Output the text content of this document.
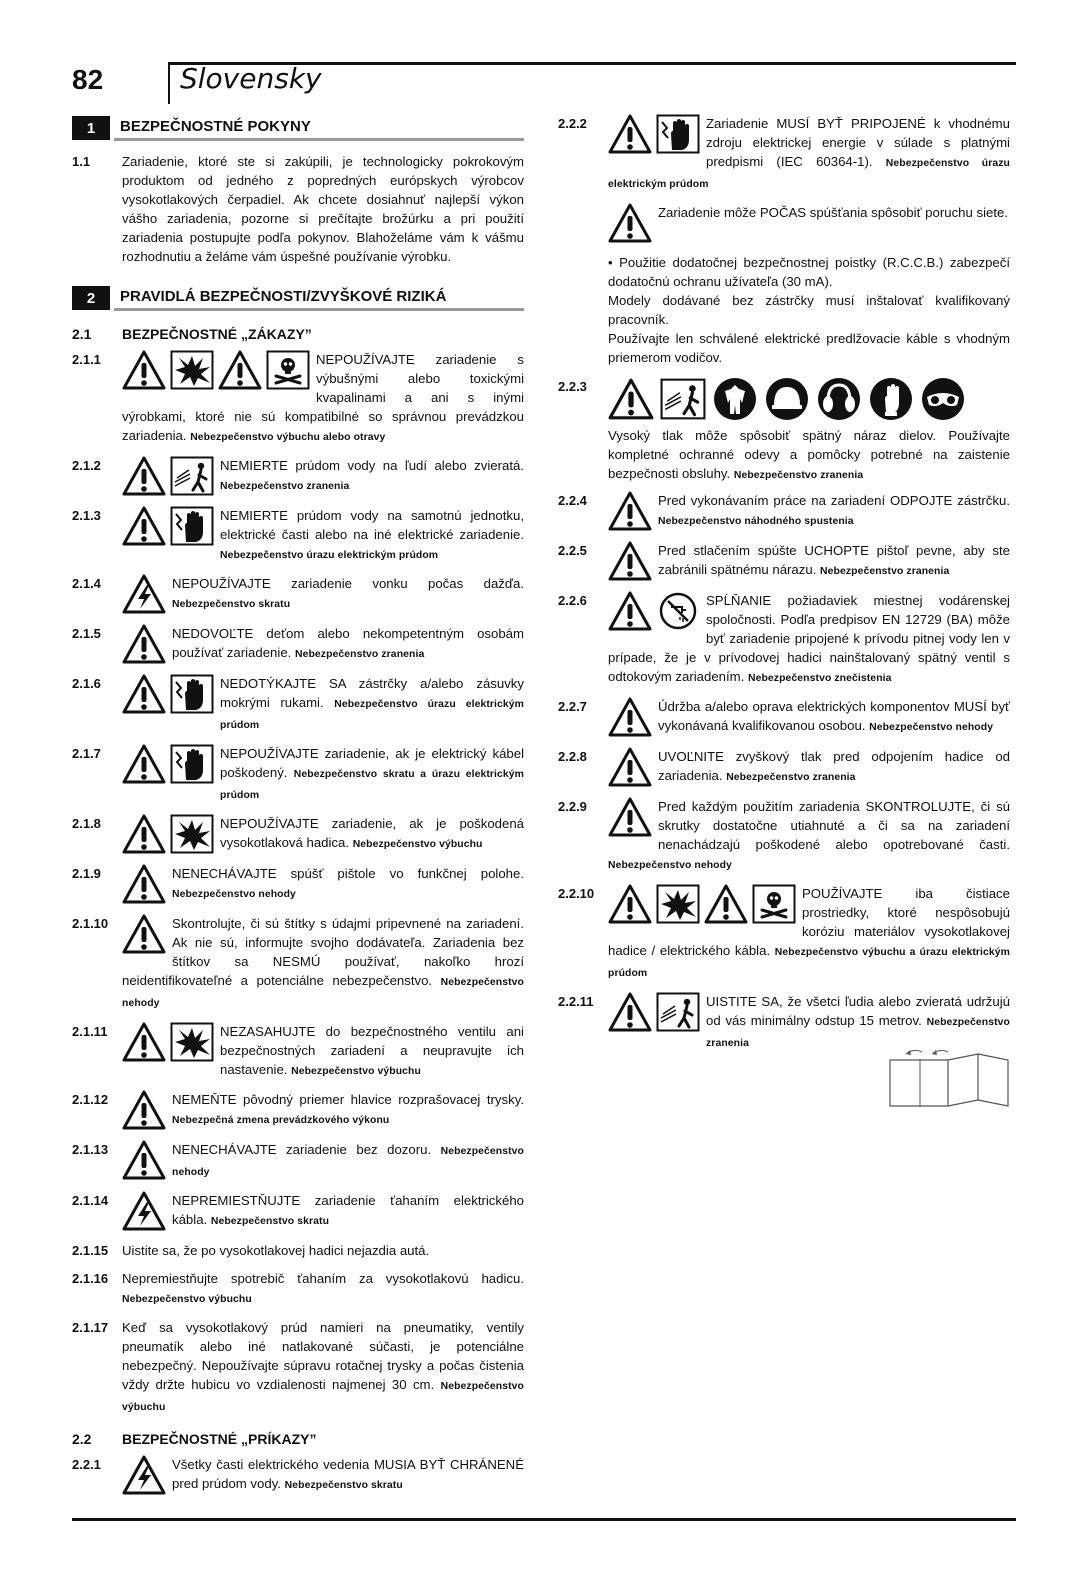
82	Slovensky
1	BEZPEČNOSTNÉ POKYNY
1.1	Zariadenie, ktoré ste si zakúpili, je technologicky pokrokovým produktom od jedného z popredných európskych výrobcov vysokotlakových čerpadiel. Ak chcete dosiahnuť najlepší výkon vášho zariadenia, pozorne si prečítajte brožúrku a pri použití zariadenia postupujte podľa pokynov. Blahoželáme vám k vášmu rozhodnutiu a želáme vám úspešné používanie výrobku.
2	PRAVIDLÁ BEZPEČNOSTI/ZVYŠKOVÉ RIZIKÁ
2.1	BEZPEČNOSTNÉ „ZÁKAZY”
2.1.1	NEPOUŽÍVAJTE zariadenie s výbušnými alebo toxickými kvapalinami a ani s inými výrobkami, ktoré nie sú kompatibilné so správnou prevádzkou zariadenia. Nebezpečenstvo výbuchu alebo otravy
2.1.2	NEMIERTE prúdom vody na ľudí alebo zvieratá. Nebezpečenstvo zranenia
2.1.3	NEMIERTE prúdom vody na samotnú jednotku, elektrické časti alebo na iné elektrické zariadenie. Nebezpečenstvo úrazu elektrickým prúdom
2.1.4	NEPOUŽÍVAJTE zariadenie vonku počas dažďa. Nebezpečenstvo skratu
2.1.5	NEDOVOĽTE deťom alebo nekompetentným osobám používať zariadenie. Nebezpečenstvo zranenia
2.1.6	NEDOTÝKAJTE SA zástrčky a/alebo zásuvky mokrými rukami. Nebezpečenstvo úrazu elektrickým prúdom
2.1.7	NEPOUŽÍVAJTE zariadenie, ak je elektrický kábel poškodený. Nebezpečenstvo skratu a úrazu elektrickým prúdom
2.1.8	NEPOUŽÍVAJTE zariadenie, ak je poškodená vysokotlaková hadica. Nebezpečenstvo výbuchu
2.1.9	NENECHÁVAJTE spúšť pištole vo funkčnej polohe. Nebezpečenstvo nehody
2.1.10	Skontrolujte, či sú štítky s údajmi pripevnené na zariadení. Ak nie sú, informujte svojho dodávateľa. Zariadenia bez štítkov sa NESMÚ používať, nakoľko hrozí neidentifikovateľné a potenciálne nebezpečenstvo. Nebezpečenstvo nehody
2.1.11	NEZASAHUJTE do bezpečnostného ventilu ani bezpečnostných zariadení a neupravujte ich nastavenie. Nebezpečenstvo výbuchu
2.1.12	NEMEŇTE pôvodný priemer hlavice rozprašovacej trysky. Nebezpečná zmena prevádzkového výkonu
2.1.13	NENECHÁVAJTE zariadenie bez dozoru. Nebezpečenstvo nehody
2.1.14	NEPREMIESTŇUJTE zariadenie ťahaním elektrického kábla. Nebezpečenstvo skratu
2.1.15	Uistite sa, že po vysokotlakovej hadici nejazdia autá.
2.1.16	Nepremiestňujte spotrebič ťahaním za vysokotlakovú hadicu. Nebezpečenstvo výbuchu
2.1.17	Keď sa vysokotlakový prúd namieri na pneumatiky, ventily pneumatík alebo iné natlakované súčasti, je potenciálne nebezpečný. Nepoužívajte súpravu rotačnej trysky a počas čistenia vždy držte hubicu vo vzdialenosti najmenej 30 cm. Nebezpečenstvo výbuchu
2.2	BEZPEČNOSTNÉ „PRÍKAZY”
2.2.1	Všetky časti elektrického vedenia MUSIA BYŤ CHRÁNENÉ pred prúdom vody. Nebezpečenstvo skratu
2.2.2	Zariadenie MUSÍ BYŤ PRIPOJENÉ k vhodnému zdroju elektrickej energie v súlade s platnými predpismi (IEC 60364-1). Nebezpečenstvo úrazu elektrickým prúdom
Zariadenie môže POČAS spúšťania spôsobiť poruchu siete.
• Použitie dodatočnej bezpečnostnej poistky (R.C.C.B.) zabezpečí dodatočnú ochranu užívateľa (30 mA).
Modely dodávané bez zástrčky musí inštalovať kvalifikovaný pracovník.
Používajte len schválené elektrické predlžovacie káble s vhodným priemerom vodičov.
2.2.3
Vysoký tlak môže spôsobiť spätný náraz dielov. Používajte kompletné ochranné odevy a pomôcky potrebné na zaistenie bezpečnosti obsluhy. Nebezpečenstvo zranenia
2.2.4	Pred vykonávaním práce na zariadení ODPOJTE zástrčku. Nebezpečenstvo náhodného spustenia
2.2.5	Pred stlačením spúšte UCHOPTE pištoľ pevne, aby ste zabránili spätnému nárazu. Nebezpečenstvo zranenia
2.2.6	SPĹŇANIE požiadaviek miestnej vodárenskej spoločnosti. Podľa predpisov EN 12729 (BA) môže byť zariadenie pripojené k prívodu pitnej vody len v prípade, že je v prívodovej hadici nainštalovaný spätný ventil s odtokovým zariadením. Nebezpečenstvo znečistenia
2.2.7	Údržba a/alebo oprava elektrických komponentov MUSÍ byť vykonávaná kvalifikovanou osobou. Nebezpečenstvo nehody
2.2.8	UVOĽNITE zvyškový tlak pred odpojením hadice od zariadenia. Nebezpečenstvo zranenia
2.2.9	Pred každým použitím zariadenia SKONTROLUJTE, či sú skrutky dostatočne utiahnuté a či sa na zariadení nenachádzajú poškodené alebo opotrebované časti. Nebezpečenstvo nehody
2.2.10	POUŽÍVAJTE iba čistiace prostriedky, ktoré nespôsobujú koróziu materiálov vysokotlakovej hadice / elektrického kábla. Nebezpečenstvo výbuchu a úrazu elektrickým prúdom
2.2.11	UISTITE SA, že všetci ľudia alebo zvieratá udržujú od vás minimálny odstup 15 metrov. Nebezpečenstvo zranenia
